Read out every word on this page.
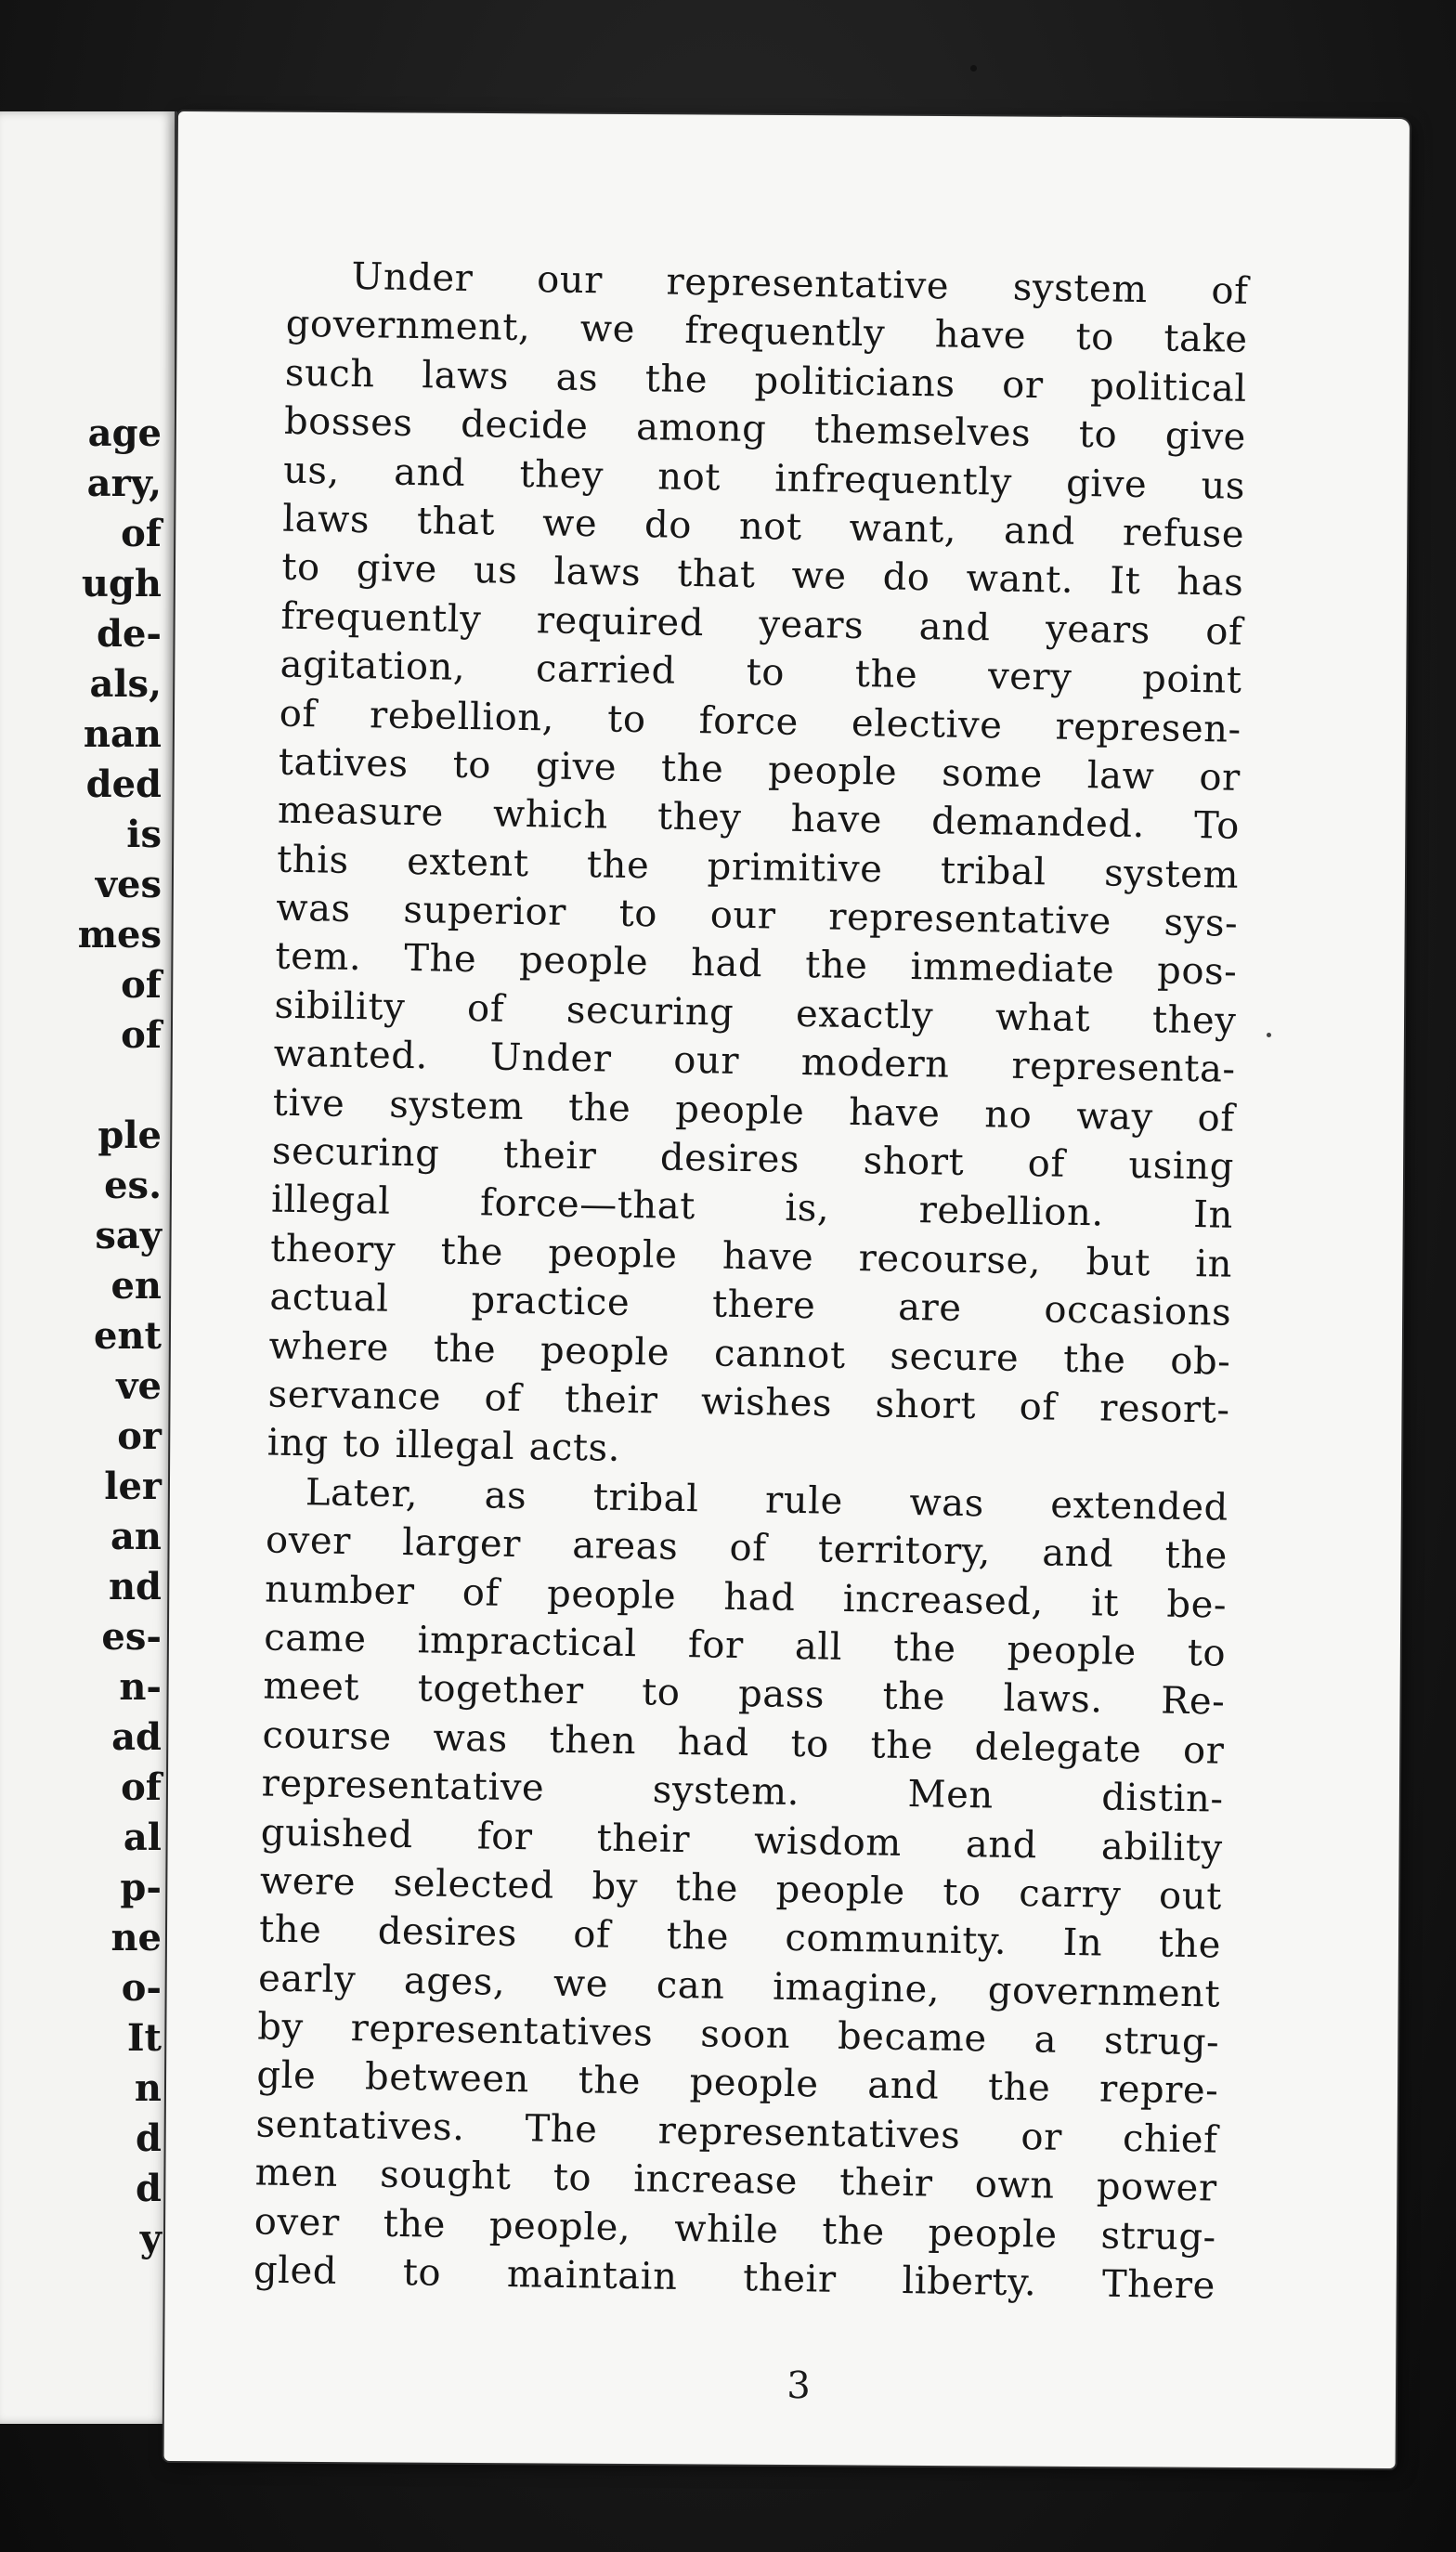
age
ary,
of
ugh
de-
als,
nan
ded
is
ves
mes
of
of
ple
es.
say
en
ent
ve
or
ler
an
nd
es-
n-
ad
of
al
p-
ne
o-
It
n
d
d
y
Under our representative system of
government, we frequently have to take
such laws as the politicians or political
bosses decide among themselves to give
us, and they not infrequently give us
laws that we do not want, and refuse
to give us laws that we do want. It has
frequently required years and years of
agitation, carried to the very point
of rebellion, to force elective represen-
tatives to give the people some law or
measure which they have demanded. To
this extent the primitive tribal system
was superior to our representative sys-
tem. The people had the immediate pos-
sibility of securing exactly what they
wanted. Under our modern representa-
tive system the people have no way of
securing their desires short of using
illegal force—that is, rebellion. In
theory the people have recourse, but in
actual practice there are occasions
where the people cannot secure the ob-
servance of their wishes short of resort-
ing to illegal acts.
Later, as tribal rule was extended
over larger areas of territory, and the
number of people had increased, it be-
came impractical for all the people to
meet together to pass the laws. Re-
course was then had to the delegate or
representative system. Men distin-
guished for their wisdom and ability
were selected by the people to carry out
the desires of the community. In the
early ages, we can imagine, government
by representatives soon became a strug-
gle between the people and the repre-
sentatives. The representatives or chief
men sought to increase their own power
over the people, while the people strug-
gled to maintain their liberty. There
3
